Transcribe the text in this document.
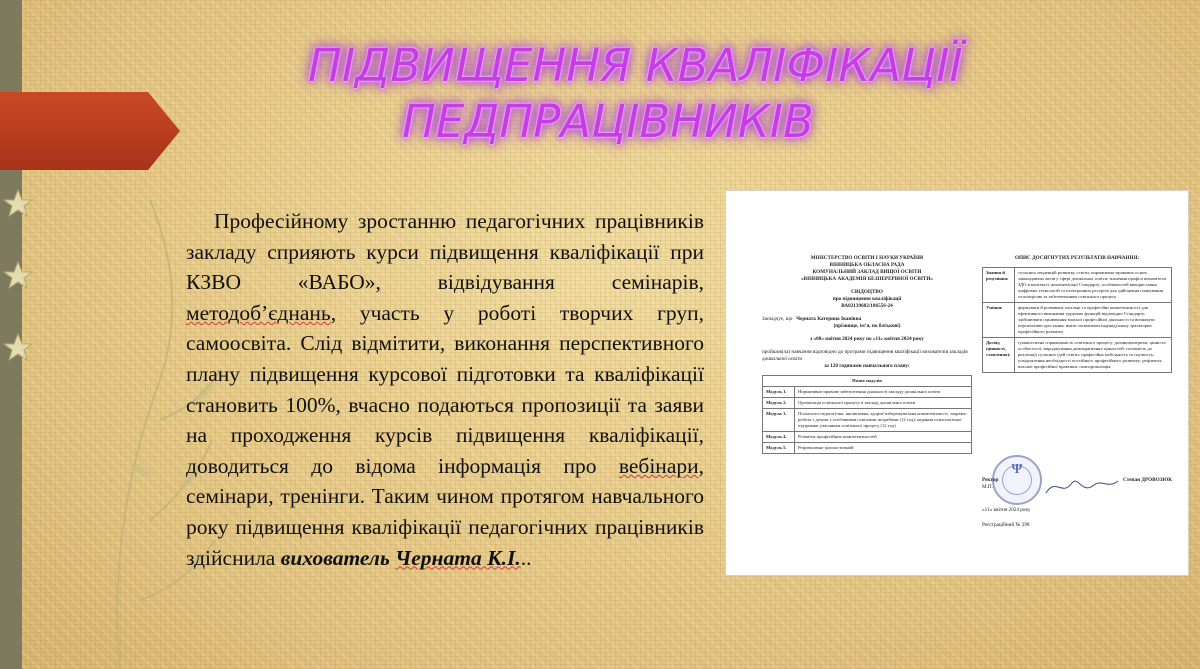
ПІДВИЩЕННЯ КВАЛІФІКАЦІЇ
ПЕДПРАЦІВНИКІВ
Професійному зростанню педагогічних працівників закладу сприяють курси підвищення кваліфікації при КЗВО «ВАБО», відвідування семінарів, методоб’єднань, участь у роботі творчих груп, самоосвіта. Слід відмітити, виконання перспективного плану підвищення курсової підготовки та кваліфікації становить 100%, вчасно подаються пропозиції та заяви на проходження курсів підвищення кваліфікації, доводиться до відома інформація про вебінари, семінари, тренінги. Таким чином протягом навчального року підвищення кваліфікації педагогічних працівників здійснила вихователь Черната К.І...
МІНІСТЕРСТВО ОСВІТИ І НАУКИ УКРАЇНИ
ВІННИЦЬКА ОБЛАСНА РАДА
КОМУНАЛЬНИЙ ЗАКЛАД ВИЩОЇ ОСВІТИ
«ВІННИЦЬКА АКАДЕМІЯ БЕЗПЕРЕРВНОЇ ОСВІТИ»
СВІДОЦТВО
про підвищення кваліфікації
ВА02139682/106556-24
Засвідчує, що Черната Катерина Іванівна
(прізвище, ім’я, по батькові)
з «08» квітня 2024 року по «11» квітня 2024 року
пройшов(ла) навчання відповідно до програми підвищення кваліфікації вихователів закладів дошкільної освіти
за 120 годинами навчального плану:
Назва модулів	
Модуль 1.	Нормативно-правове забезпечення діяльності закладу дошкільної освіти
Модуль 2.	Організація освітнього процесу в закладі дошкільної освіти
Модуль 3.	Психолого-педагогічна, інклюзивна, здоров’язбережувальна компетентності, зокрема: робота з дітьми з особливими освітніми потребами (12 год); надання психологічної підтримки учасникам освітнього процесу (12 год)
Модуль 4.	Розвиток професійних компетентностей
Модуль 5.	Рефлексивно-діагностичний
ОПИС ДОСЯГНУТИХ РЕЗУЛЬТАТІВ НАВЧАННЯ:
Знання й розуміння:	сучасних тенденцій розвитку освіти; нормативно-правових основ, законодавчих актів у сфері дошкільної освіти; значення профілі вихователя ЗДО в контексті імплементації Стандарту; особливостей використання цифрових технологій та електронних ресурсів для здійснення планування та контролю за забезпеченням освітнього процесу
Уміння:	формувати й розвивати загальні та професійні компетентності для ефективного виконання трудових функцій відповідно Стандарту; здійснювати оцінювання власної професійної діяльності та визначати перспективи зростання; вміти засвоювати індивідуальну траєкторію професійного розвитку
Досвід (цінності, ставлення):	гуманістична спрямованість освітнього процесу; дитиноцентризм, цінність особистості, вироджування демократичних цінностей; готовність до реалізації сучасних ідей освіти; професійна мобільність та гнучкість; усвідомлення необхідності постійного професійного розвитку; рефлексія власної професійної практики, самоорганізація
Ψ
Ректор	Степан ДРОВОЗЮК
М.П.
«11» квітня 2024 року
Реєстраційний № 298
